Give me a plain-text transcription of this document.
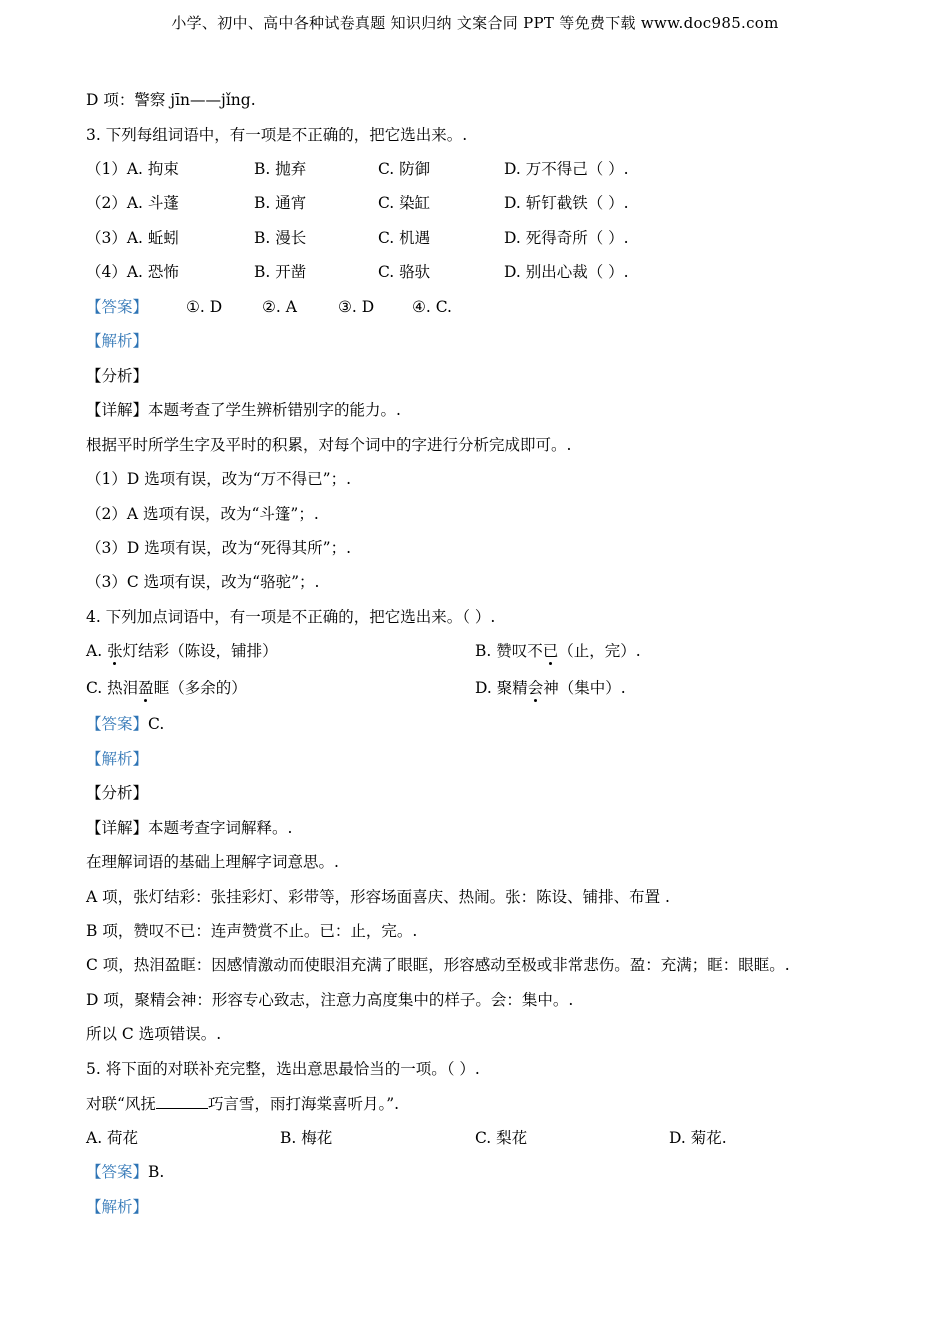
小学、初中、高中各种试卷真题 知识归纳 文案合同 PPT 等免费下载 www.doc985.com
D 项：警察 jīn——jǐng.
3. 下列每组词语中，有一项是不正确的，把它选出来。.
（1）A. 拘束	B. 抛弃	C. 防御	D. 万不得己（ ）.
（2）A. 斗蓬	B. 通宵	C. 染缸	D. 斩钉截铁（ ）.
（3）A. 蚯蚓	B. 漫长	C. 机遇	D. 死得奇所（ ）.
（4）A. 恐怖	B. 开凿	C. 骆驮	D. 别出心裁（ ）.
【答案】 ①. D	②. A	③. D ④. C.
【解析】
【分析】
【详解】本题考查了学生辨析错别字的能力。.
根据平时所学生字及平时的积累，对每个词中的字进行分析完成即可。.
（1）D 选项有误，改为“万不得已”；.
（2）A 选项有误，改为“斗篷”；.
（3）D 选项有误，改为“死得其所”；.
（3）C 选项有误，改为“骆驼”；.
4. 下列加点词语中，有一项是不正确的，把它选出来。（ ）.
A. 张灯结彩（陈设，铺排）	B. 赞叹不已（止，完）.
C. 热泪盈眶（多余的）	D. 聚精会神（集中）.
【答案】C.
【解析】
【分析】
【详解】本题考查字词解释。.
在理解词语的基础上理解字词意思。.
A 项，张灯结彩：张挂彩灯、彩带等，形容场面喜庆、热闹。张：陈设、铺排、布置 .
B 项，赞叹不已：连声赞赏不止。已：止，完。.
C 项，热泪盈眶：因感情激动而使眼泪充满了眼眶，形容感动至极或非常悲伤。盈：充满；眶：眼眶。.
D 项，聚精会神：形容专心致志，注意力高度集中的样子。会：集中。.
所以 C 选项错误。.
5. 将下面的对联补充完整，选出意思最恰当的一项。（ ）.
对联“风抚	巧言雪，雨打海棠喜听月。”.
A. 荷花	B. 梅花	C. 梨花	D. 菊花.
【答案】B.
【解析】
